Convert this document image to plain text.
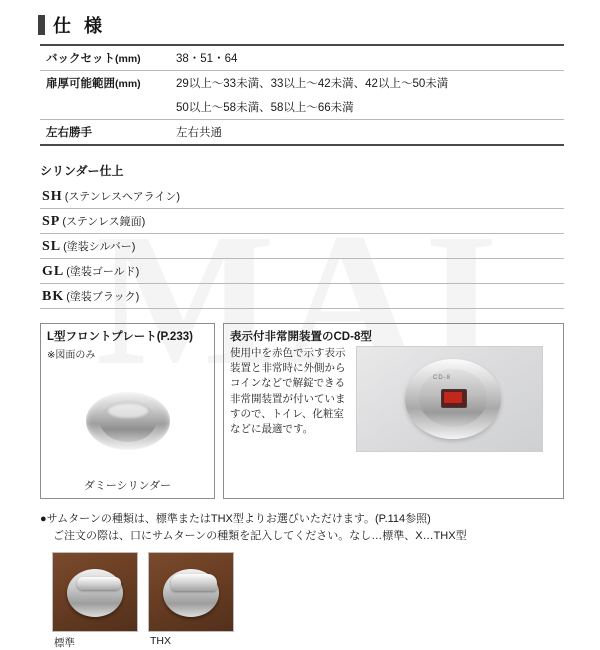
仕 様
バックセット(mm)	38・51・64
扉厚可能範囲(mm)	29以上〜33未満、33以上〜42未満、42以上〜50未満
	50以上〜58未満、58以上〜66未満
左右勝手	左右共通
シリンダー仕上
SH (ステンレスヘアライン)
SP (ステンレス鏡面)
SL (塗装シルバー)
GL (塗装ゴールド)
BK (塗装ブラック)
L型フロントプレート(P.233)
※図面のみ
ダミーシリンダー
表示付非常開装置のCD-8型
使用中を赤色で示す表示装置と非常時に外側からコインなどで解錠できる非常開装置が付いていますので、トイレ、化粧室などに最適です。
CD-8
●サムターンの種類は、標準またはTHX型よりお選びいただけます。(P.114参照)
ご注文の際は、口にサムターンの種類を記入してください。なし…標準、X…THX型
標準	THX
